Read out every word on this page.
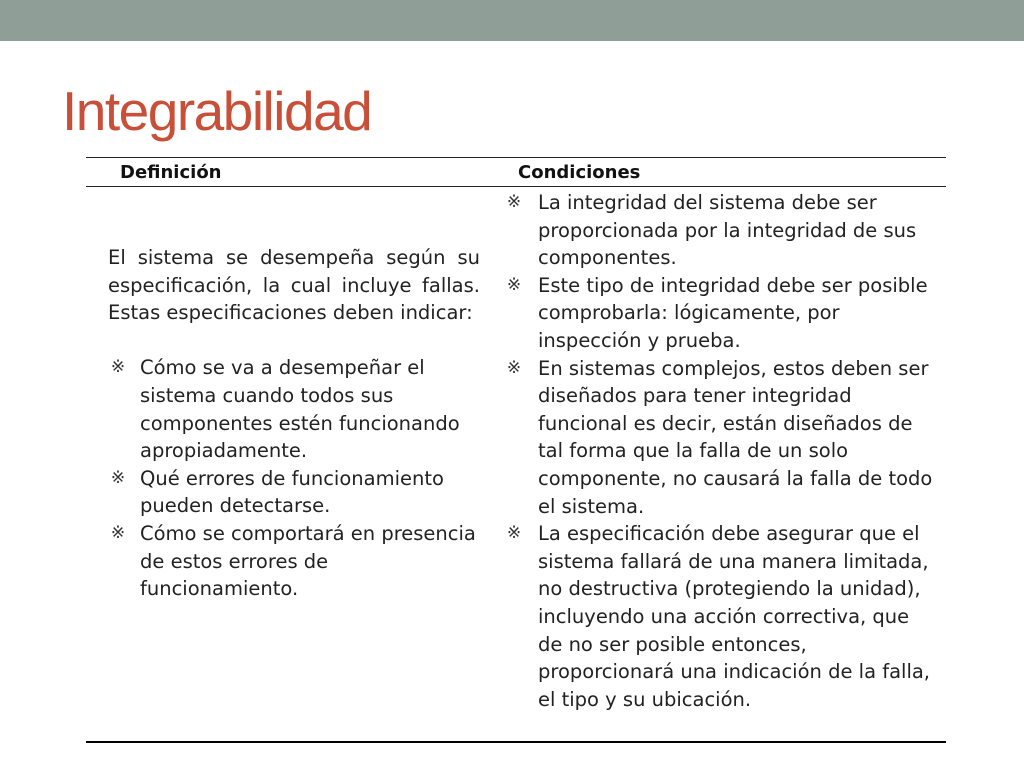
Integrabilidad
Definición	Condiciones

El sistema se desempeña según su especificación, la cual incluye fallas. Estas especificaciones deben indicar:

※ Cómo se va a desempeñar el sistema cuando todos sus componentes estén funcionando apropiadamente.
※ Qué errores de funcionamiento pueden detectarse.
※ Cómo se comportará en presencia de estos errores de funcionamiento.
※ La integridad del sistema debe ser proporcionada por la integridad de sus componentes.
※ Este tipo de integridad debe ser posible comprobarla: lógicamente, por inspección y prueba.
※ En sistemas complejos, estos deben ser diseñados para tener integridad funcional es decir, están diseñados de tal forma que la falla de un solo componente, no causará la falla de todo el sistema.
※ La especificación debe asegurar que el sistema fallará de una manera limitada, no destructiva (protegiendo la unidad), incluyendo una acción correctiva, que de no ser posible entonces, proporcionará una indicación de la falla, el tipo y su ubicación.
